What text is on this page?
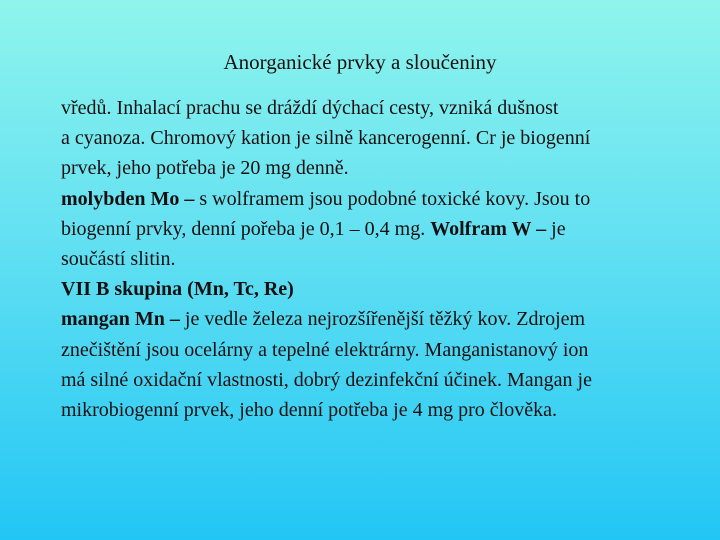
Anorganické prvky a sloučeniny
vředů. Inhalací prachu se dráždí dýchací cesty, vzniká dušnost
a cyanoza. Chromový kation je silně kancerogenní. Cr je biogenní
prvek, jeho potřeba je 20 mg denně.
molybden Mo – s wolframem jsou podobné toxické kovy. Jsou to
biogenní prvky, denní pořeba je 0,1 – 0,4 mg. Wolfram W – je
součástí slitin.
VII B skupina (Mn, Tc, Re)
mangan Mn – je vedle železa nejrozšířenější těžký kov. Zdrojem
znečištění jsou ocelárny a tepelné elektrárny. Manganistanový ion
má silné oxidační vlastnosti, dobrý dezinfekční účinek. Mangan je
mikrobiogenní prvek, jeho denní potřeba je 4 mg pro člověka.
